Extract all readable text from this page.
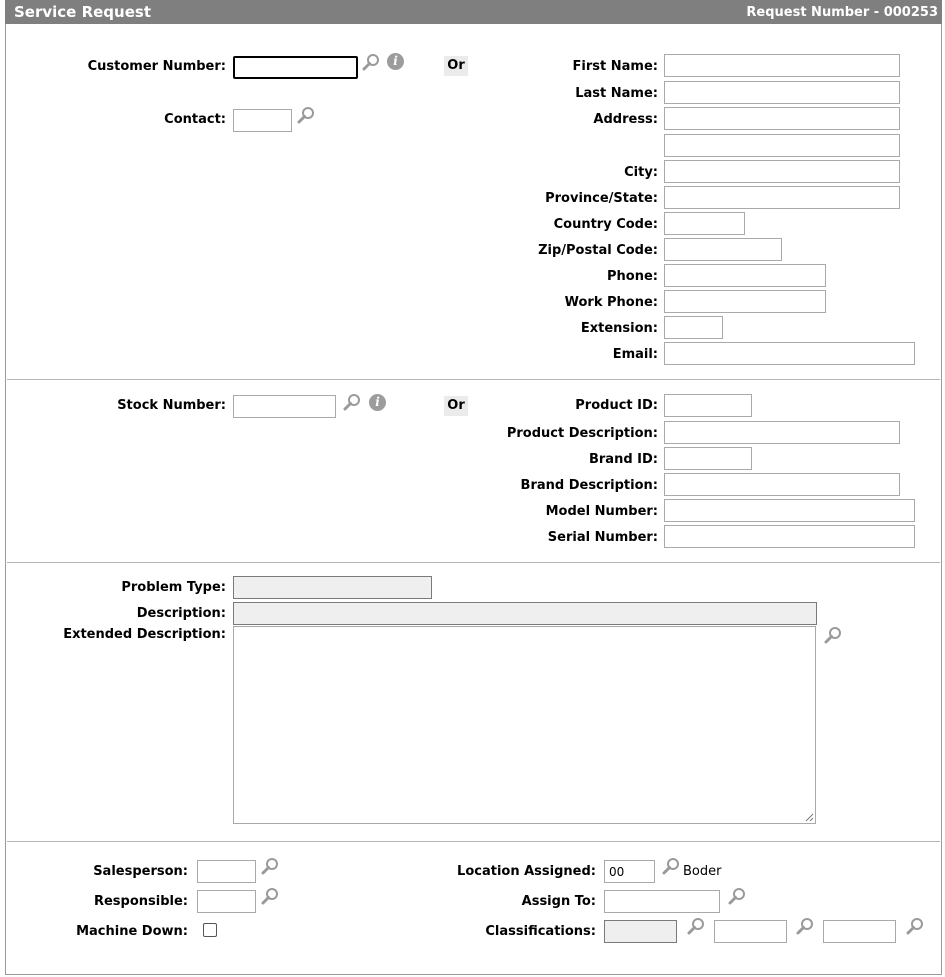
Service Request	Request Number - 000253
Customer Number:	i	Or
Contact:
First Name:
Last Name:
Address:
City:
Province/State:
Country Code:
Zip/Postal Code:
Phone:
Work Phone:
Extension:
Email:
Stock Number:	i	Or	Product ID:
Product Description:
Brand ID:
Brand Description:
Model Number:
Serial Number:
Problem Type:
Description:
Extended Description:
Salesperson:
Responsible:
Machine Down:
Location Assigned:
00	Boder
Assign To:
Classifications:
